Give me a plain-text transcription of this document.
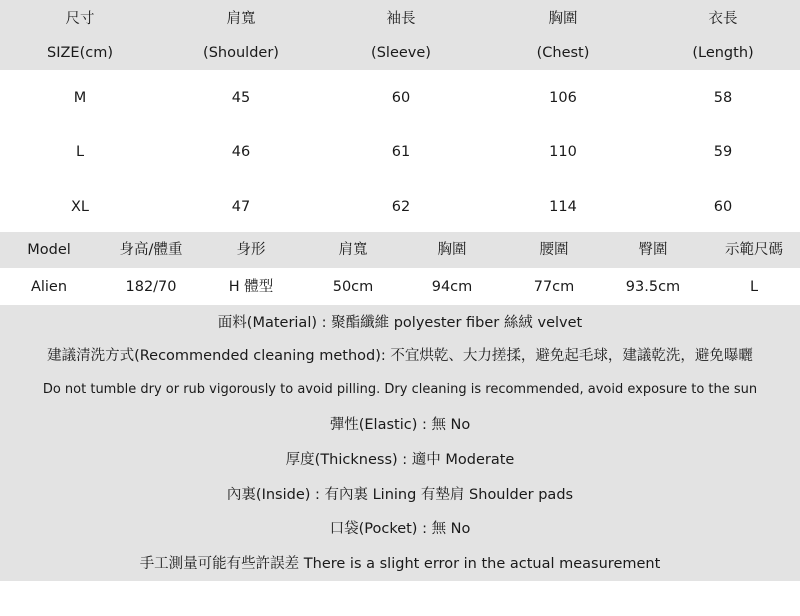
尺寸	肩寬	袖長	胸圍	衣長
SIZE(cm)	(Shoulder)	(Sleeve)	(Chest)	(Length)
M	45	60	106	58
L	46	61	110	59
XL	47	62	114	60
Model	身高/體重	身形	肩寬	胸圍	腰圍	臀圍	示範尺碼
Alien	182/70	H 體型	50cm	94cm	77cm	93.5cm	L
面料(Material) : 聚酯纖維 polyester fiber 絲絨 velvet
建議清洗方式(Recommended cleaning method): 不宜烘乾、大力搓揉，避免起毛球，建議乾洗，避免曝曬
Do not tumble dry or rub vigorously to avoid pilling. Dry cleaning is recommended, avoid exposure to the sun
彈性(Elastic) : 無 No
厚度(Thickness) : 適中 Moderate
內裏(Inside) : 有內裏 Lining 有墊肩 Shoulder pads
口袋(Pocket) : 無 No
手工測量可能有些許誤差 There is a slight error in the actual measurement
